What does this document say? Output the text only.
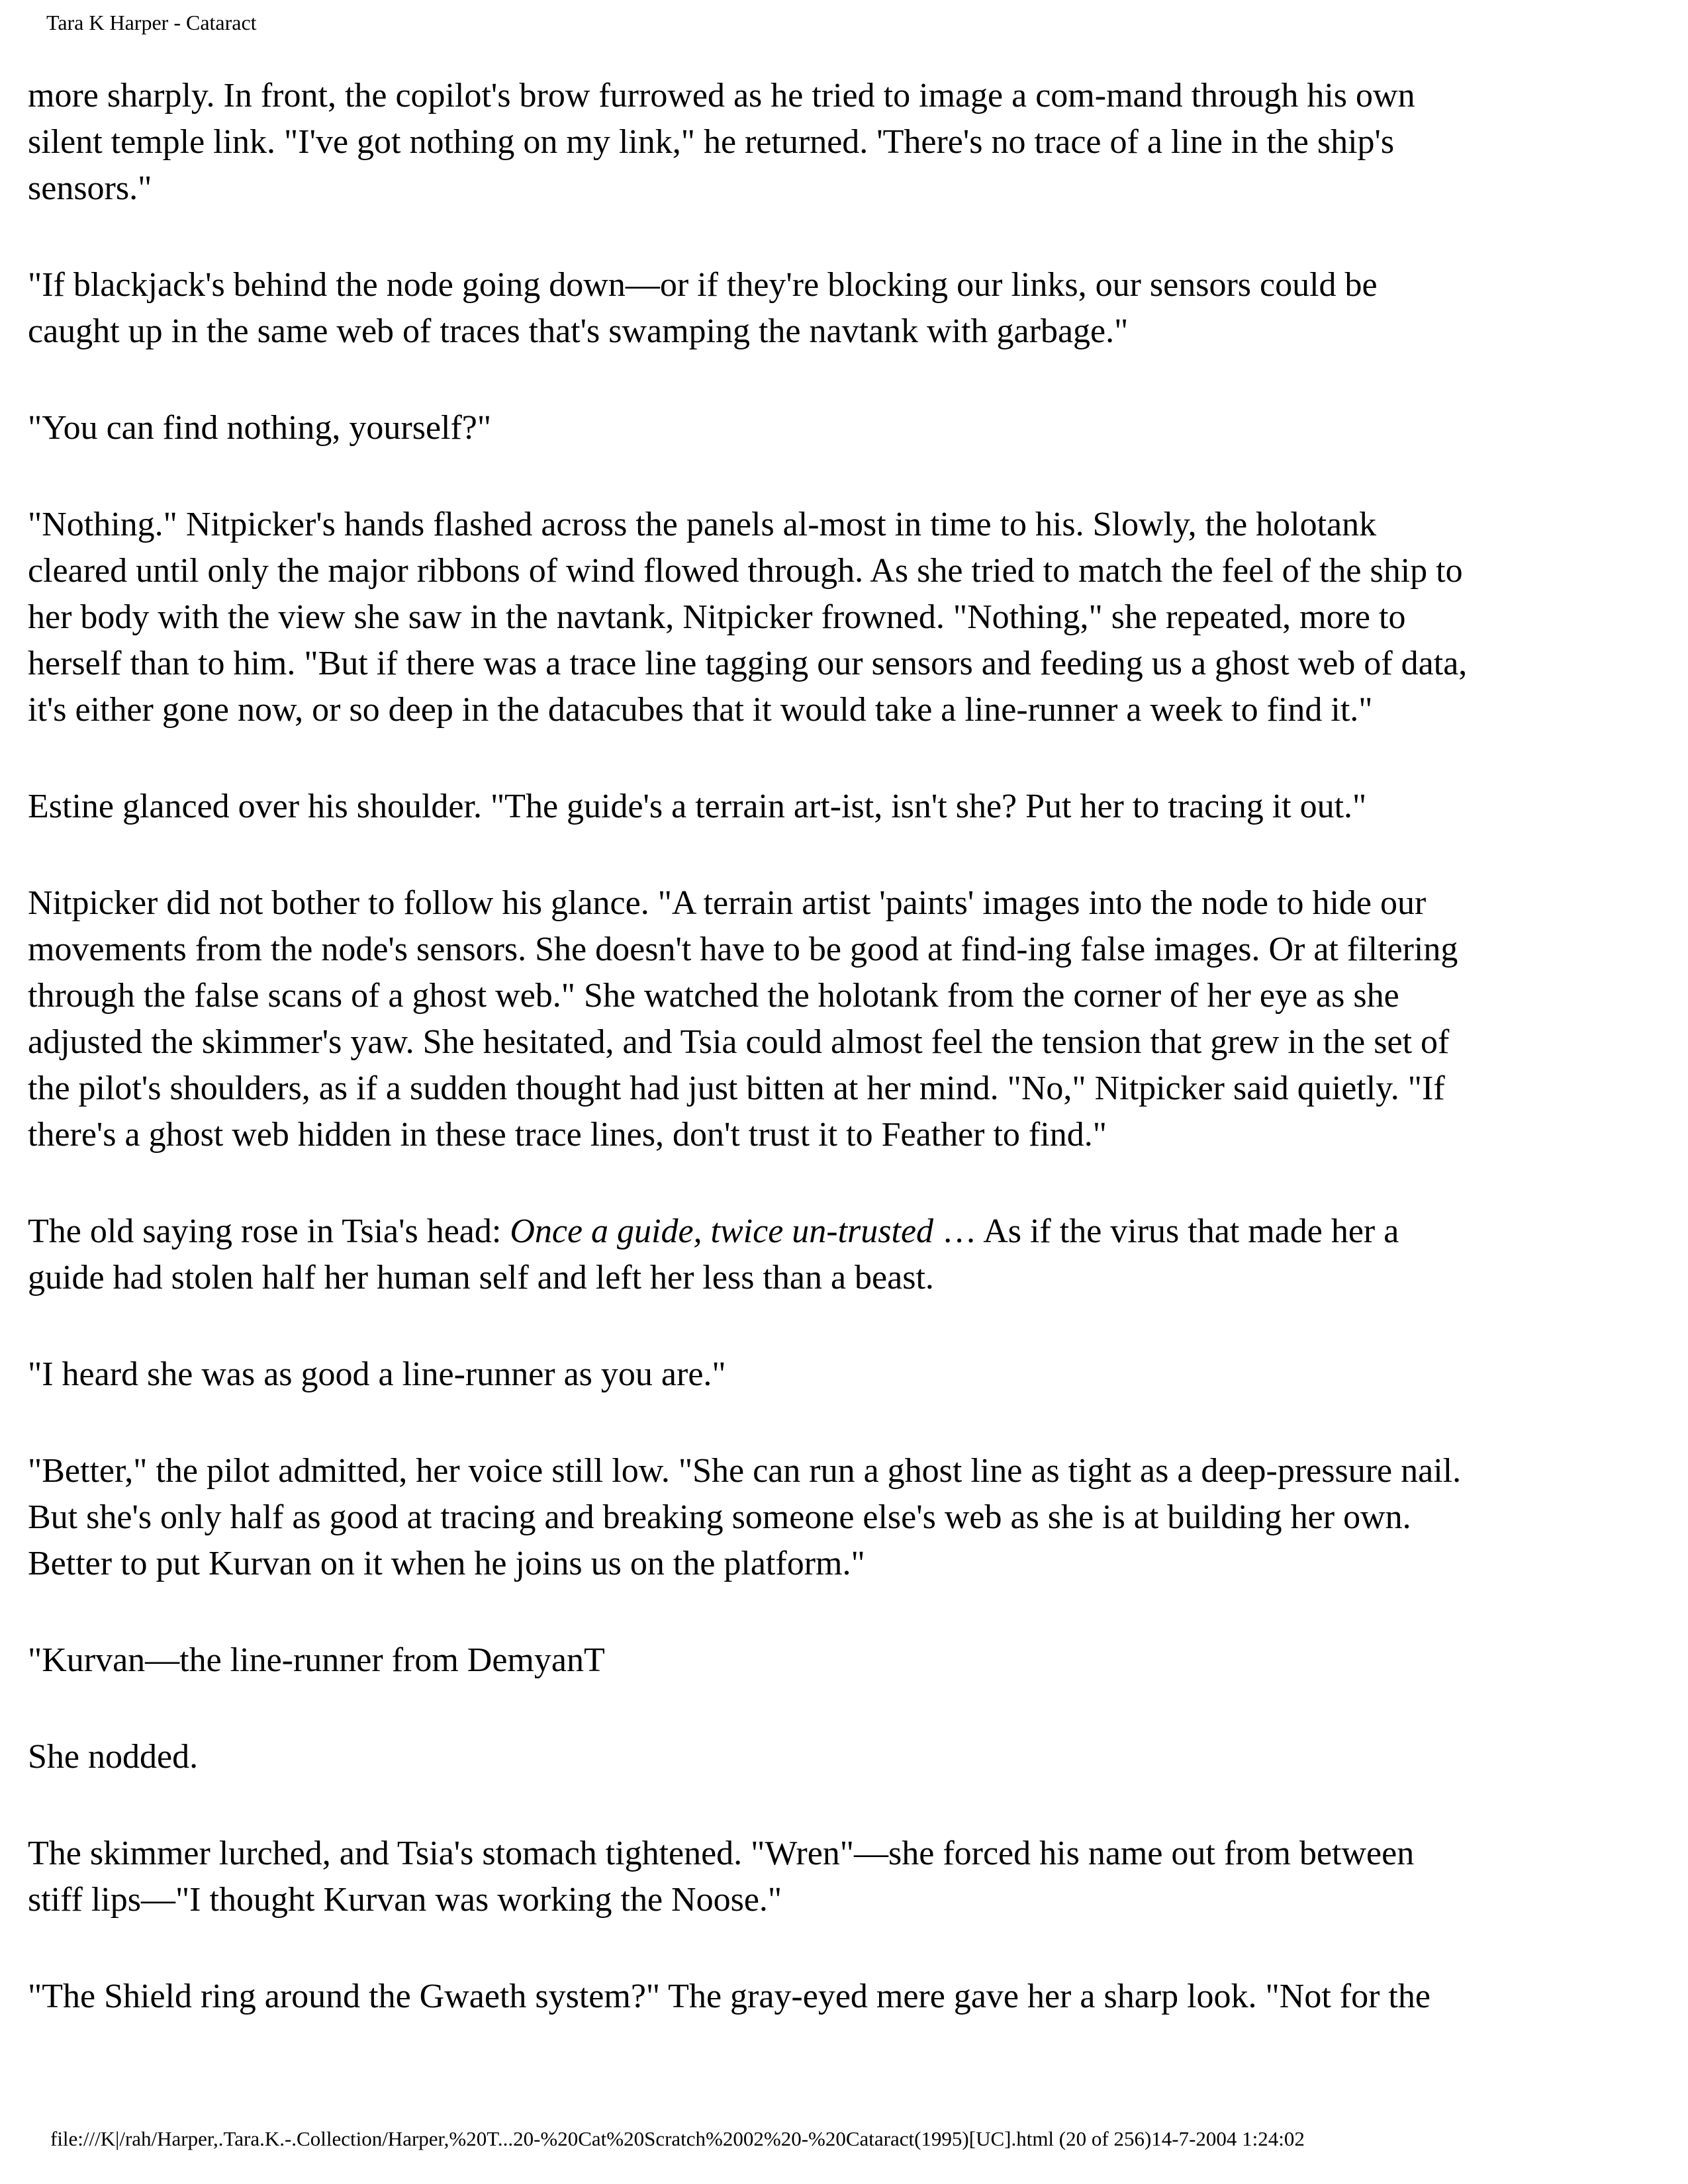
Tara K Harper - Cataract

more sharply. In front, the copilot's brow furrowed as he tried to image a com-mand through his own
silent temple link. "I've got nothing on my link," he returned. 'There's no trace of a line in the ship's
sensors."

"If blackjack's behind the node going down—or if they're blocking our links, our sensors could be
caught up in the same web of traces that's swamping the navtank with garbage."

"You can find nothing, yourself?"

"Nothing." Nitpicker's hands flashed across the panels al-most in time to his. Slowly, the holotank
cleared until only the major ribbons of wind flowed through. As she tried to match the feel of the ship to
her body with the view she saw in the navtank, Nitpicker frowned. "Nothing," she repeated, more to
herself than to him. "But if there was a trace line tagging our sensors and feeding us a ghost web of data,
it's either gone now, or so deep in the datacubes that it would take a line-runner a week to find it."

Estine glanced over his shoulder. "The guide's a terrain art-ist, isn't she? Put her to tracing it out."

Nitpicker did not bother to follow his glance. "A terrain artist 'paints' images into the node to hide our
movements from the node's sensors. She doesn't have to be good at find-ing false images. Or at filtering
through the false scans of a ghost web." She watched the holotank from the corner of her eye as she
adjusted the skimmer's yaw. She hesitated, and Tsia could almost feel the tension that grew in the set of
the pilot's shoulders, as if a sudden thought had just bitten at her mind. "No," Nitpicker said quietly. "If
there's a ghost web hidden in these trace lines, don't trust it to Feather to find."

The old saying rose in Tsia's head: Once a guide, twice un-trusted … As if the virus that made her a
guide had stolen half her human self and left her less than a beast.

"I heard she was as good a line-runner as you are."

"Better," the pilot admitted, her voice still low. "She can run a ghost line as tight as a deep-pressure nail.
But she's only half as good at tracing and breaking someone else's web as she is at building her own.
Better to put Kurvan on it when he joins us on the platform."

"Kurvan—the line-runner from DemyanT

She nodded.

The skimmer lurched, and Tsia's stomach tightened. "Wren"—she forced his name out from between
stiff lips—"I thought Kurvan was working the Noose."

"The Shield ring around the Gwaeth system?" The gray-eyed mere gave her a sharp look. "Not for the

file:///K|/rah/Harper,.Tara.K.-.Collection/Harper,%20T...20-%20Cat%20Scratch%2002%20-%20Cataract(1995)[UC].html (20 of 256)14-7-2004 1:24:02
